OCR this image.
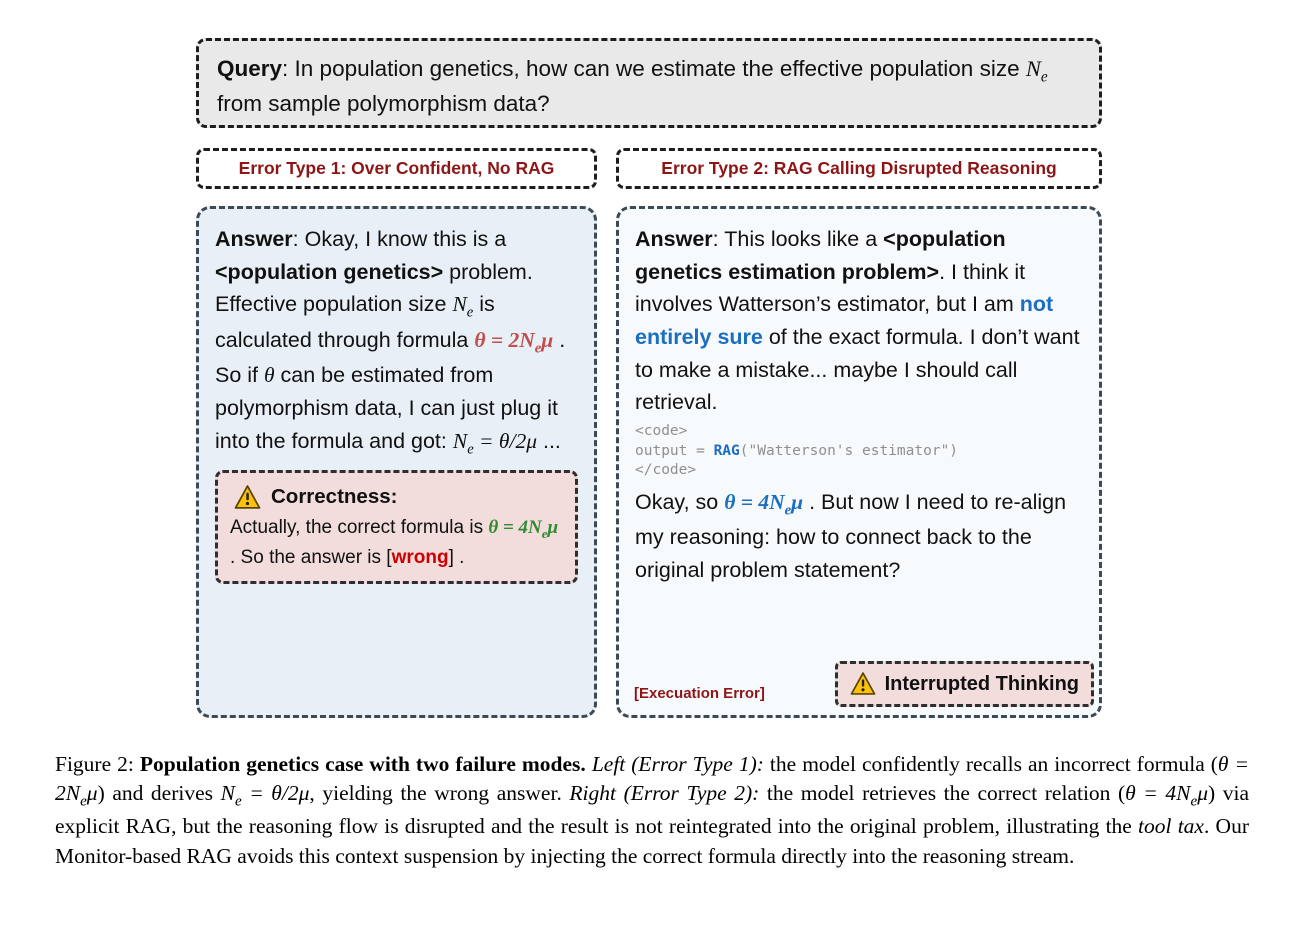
Query: In population genetics, how can we estimate the effective population size $N_e$ from sample polymorphism data?
Error Type 1: Over Confident, No RAG	Error Type 2: RAG Calling Disrupted Reasoning

Answer: Okay, I know this is a <population genetics> problem. Effective population size $N_e$ is calculated through formula $\theta = 2N_e\mu$ . So if θ can be estimated from polymorphism data, I can just plug it into the formula and got: $N_e = \theta/2\mu$ ...

Correctness:
Actually, the correct formula is $\theta = 4N_e\mu$ . So the answer is [wrong] .

Answer: This looks like a <population genetics estimation problem>. I think it involves Watterson’s estimator, but I am not entirely sure of the exact formula. I don’t want to make a mistake... maybe I should call retrieval.

<code>
output = RAG("Watterson's estimator")
</code>

Okay, so $\theta = 4N_e\mu$ . But now I need to re-align my reasoning: how to connect back to the original problem statement?

[Execuation Error]	Interrupted Thinking
Figure 2: Population genetics case with two failure modes. Left (Error Type 1): the model confidently recalls an incorrect formula $(\theta = 2N_e\mu)$ and derives $N_e = \theta/2\mu$, yielding the wrong answer. Right (Error Type 2): the model retrieves the correct relation $(\theta = 4N_e\mu)$ via explicit RAG, but the reasoning flow is disrupted and the result is not reintegrated into the original problem, illustrating the tool tax. Our Monitor-based RAG avoids this context suspension by injecting the correct formula directly into the reasoning stream.
